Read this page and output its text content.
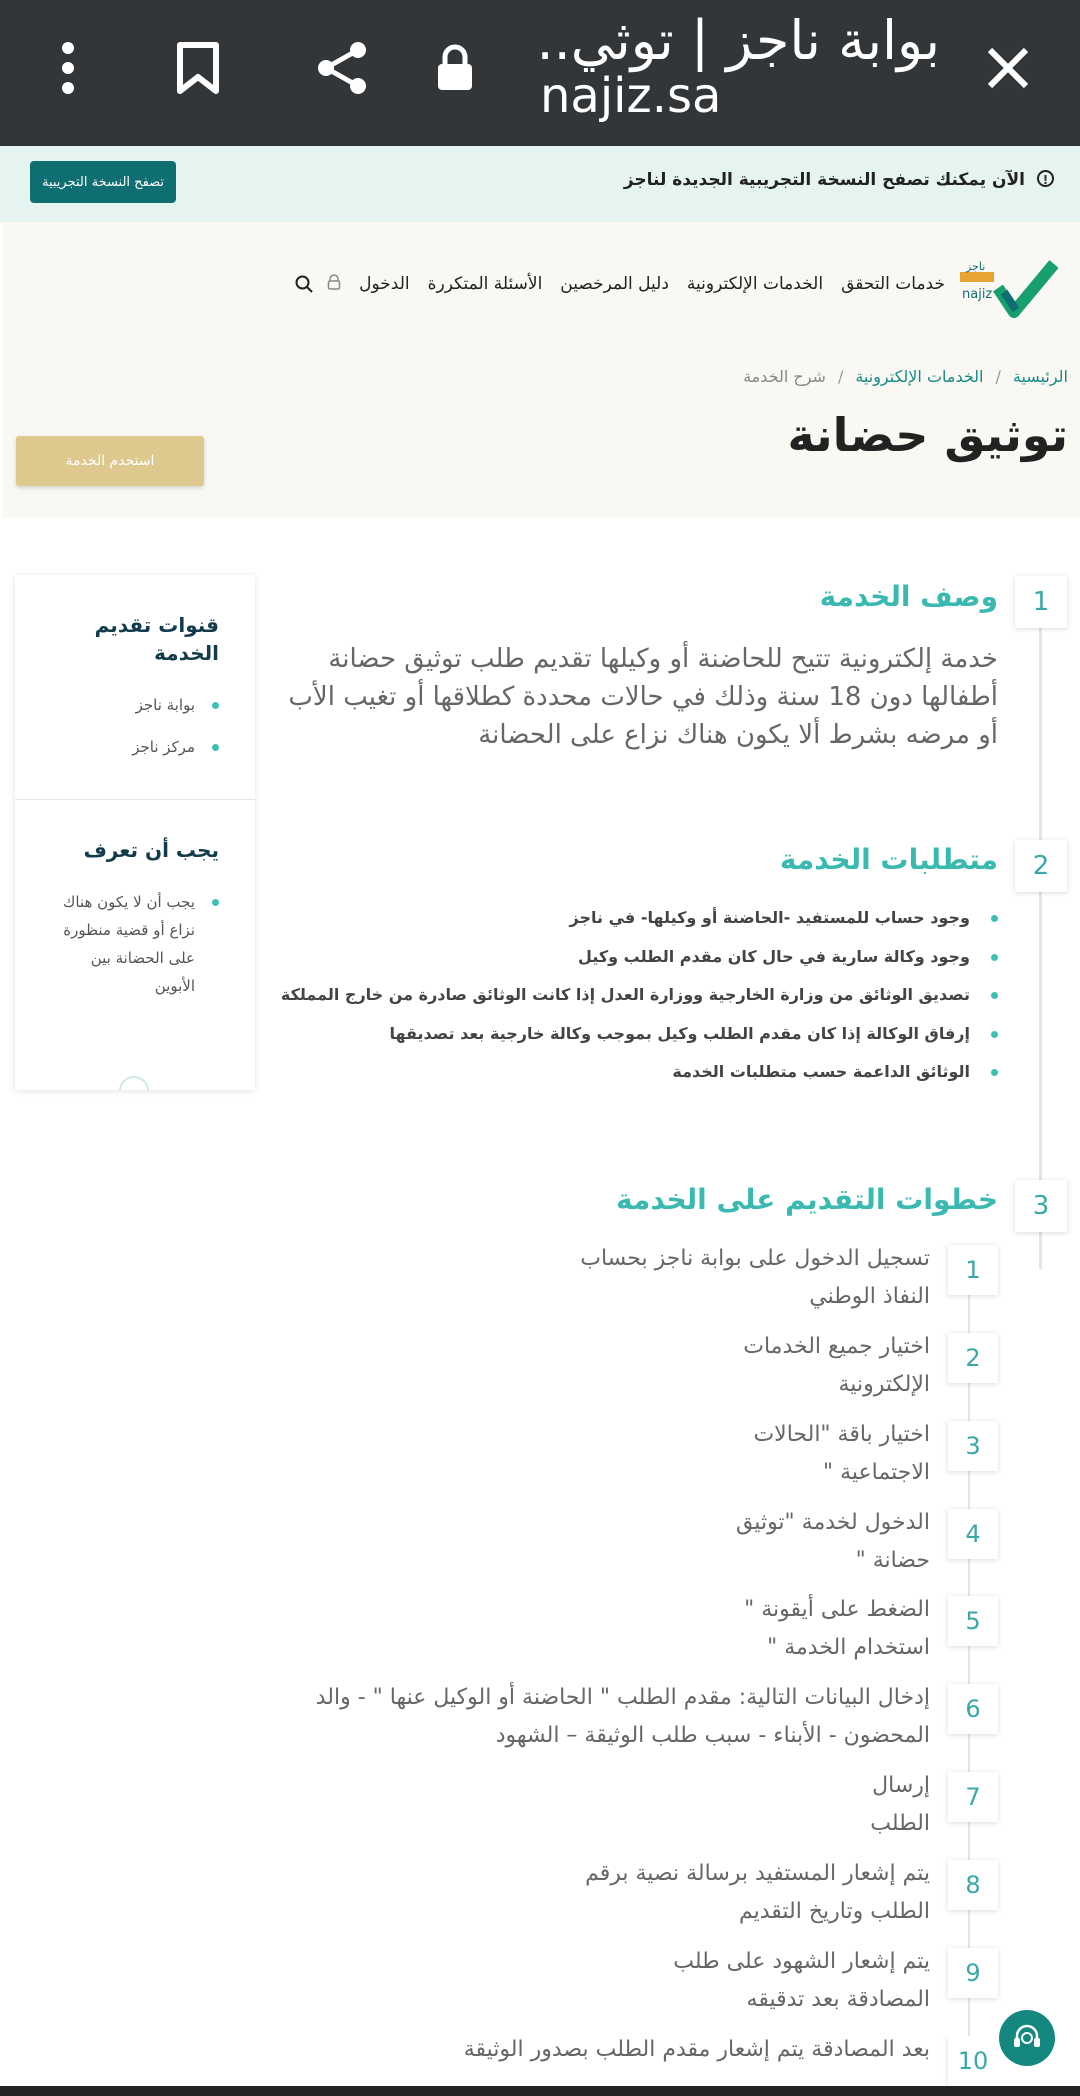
بوابة ناجز | توثي..
najiz.sa
!
الآن يمكنك تصفح النسخة التجريبية الجديدة لناجز
تصفح النسخة التجريبية
najiz
ناجز
خدمات التحقق
الخدمات الإلكترونية
دليل المرخصين
الأسئلة المتكررة
الدخول
الرئيسية/الخدمات الإلكترونية/شرح الخدمة
توثيق حضانة
استخدم الخدمة
قنوات تقديم الخدمة
بوابة ناجز
مركز ناجز
يجب أن تعرف
يجب أن لا يكون هناك نزاع أو قضية منظورة على الحضانة بين الأبوين
1
وصف الخدمة
خدمة إلكترونية تتيح للحاضنة أو وكيلها تقديم طلب توثيق حضانة أطفالها دون 18 سنة وذلك في حالات محددة كطلاقها أو تغيب الأب أو مرضه بشرط ألا يكون هناك نزاع على الحضانة
2
متطلبات الخدمة
وجود حساب للمستفيد -الحاضنة أو وكيلها- في ناجز
وجود وكالة سارية في حال كان مقدم الطلب وكيل
تصديق الوثائق من وزارة الخارجية ووزارة العدل إذا كانت الوثائق صادرة من خارج المملكة
إرفاق الوكالة إذا كان مقدم الطلب وكيل بموجب وكالة خارجية بعد تصديقها
الوثائق الداعمة حسب متطلبات الخدمة
3
خطوات التقديم على الخدمة
1
تسجيل الدخول على بوابة ناجز بحساب
النفاذ الوطني
2
اختيار جميع الخدمات
الإلكترونية
3
اختيار باقة "الحالات
الاجتماعية "
4
الدخول لخدمة "توثيق
حضانة "
5
الضغط على أيقونة "
استخدام الخدمة "
6
إدخال البيانات التالية: مقدم الطلب " الحاضنة أو الوكيل عنها " - والد
المحضون - الأبناء - سبب طلب الوثيقة – الشهود
7
إرسال
الطلب
8
يتم إشعار المستفيد برسالة نصية برقم
الطلب وتاريخ التقديم
9
يتم إشعار الشهود على طلب
المصادقة بعد تدقيقه
10
بعد المصادقة يتم إشعار مقدم الطلب بصدور الوثيقة
